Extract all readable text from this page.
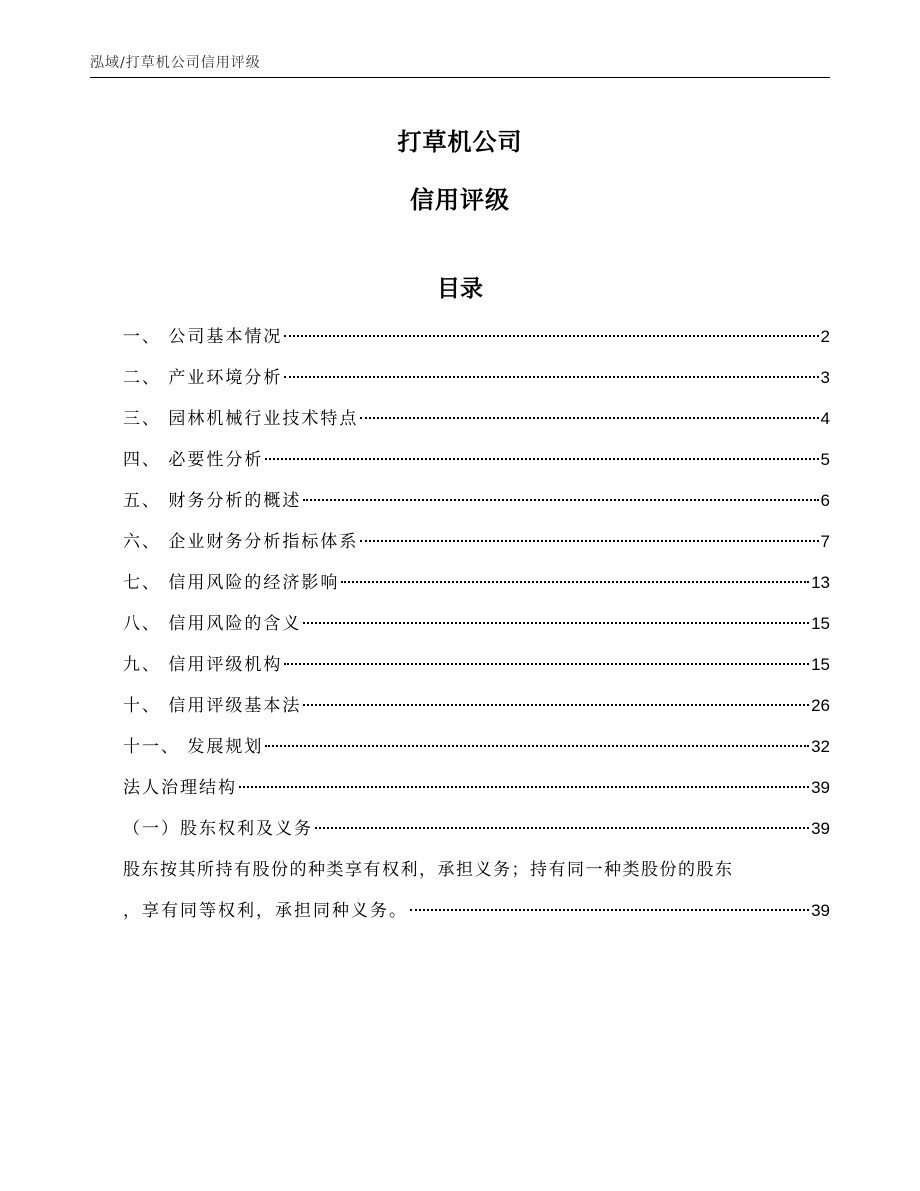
泓域/打草机公司信用评级
打草机公司
信用评级
目录
一、 公司基本情况	2
二、 产业环境分析	3
三、 园林机械行业技术特点	4
四、 必要性分析	5
五、 财务分析的概述	6
六、 企业财务分析指标体系	7
七、 信用风险的经济影响	13
八、 信用风险的含义	15
九、 信用评级机构	15
十、 信用评级基本法	26
十一、 发展规划	32
法人治理结构	39
（一）股东权利及义务	39
股东按其所持有股份的种类享有权利，承担义务；持有同一种类股份的股东
，享有同等权利，承担同种义务。	39
